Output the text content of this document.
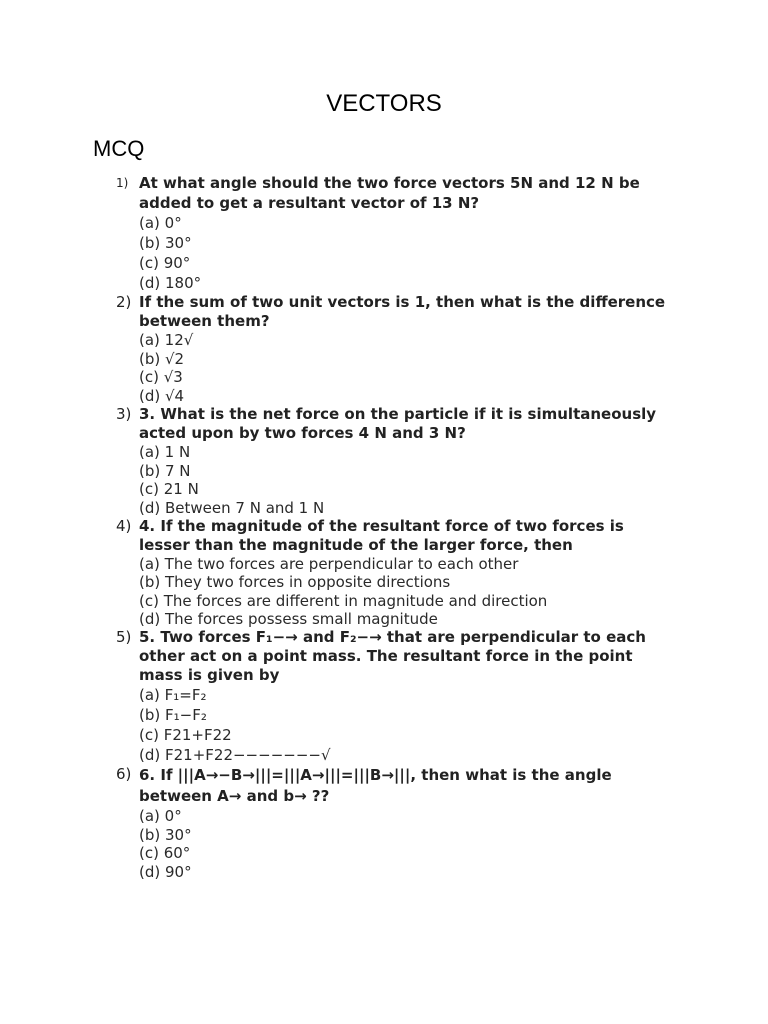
VECTORS
MCQ
1) At what angle should the two force vectors 5N and 12 N be added to get a resultant vector of 13 N?
(a) 0°
(b) 30°
(c) 90°
(d) 180°
2) If the sum of two unit vectors is 1, then what is the difference between them?
(a) 12√
(b) √2
(c) √3
(d) √4
3) 3. What is the net force on the particle if it is simultaneously acted upon by two forces 4 N and 3 N?
(a) 1 N
(b) 7 N
(c) 21 N
(d) Between 7 N and 1 N
4) 4. If the magnitude of the resultant force of two forces is lesser than the magnitude of the larger force, then
(a) The two forces are perpendicular to each other
(b) They two forces in opposite directions
(c) The forces are different in magnitude and direction
(d) The forces possess small magnitude
5) 5. Two forces F₁−→ and F₂−→ that are perpendicular to each other act on a point mass. The resultant force in the point mass is given by
(a) F₁=F₂
(b) F₁−F₂
(c) F21+F22
(d) F21+F22−−−−−−−√
6) 6. If |||A→−B→|||=|||A→|||=|||B→|||, then what is the angle between A→ and b→ ??
(a) 0°
(b) 30°
(c) 60°
(d) 90°
